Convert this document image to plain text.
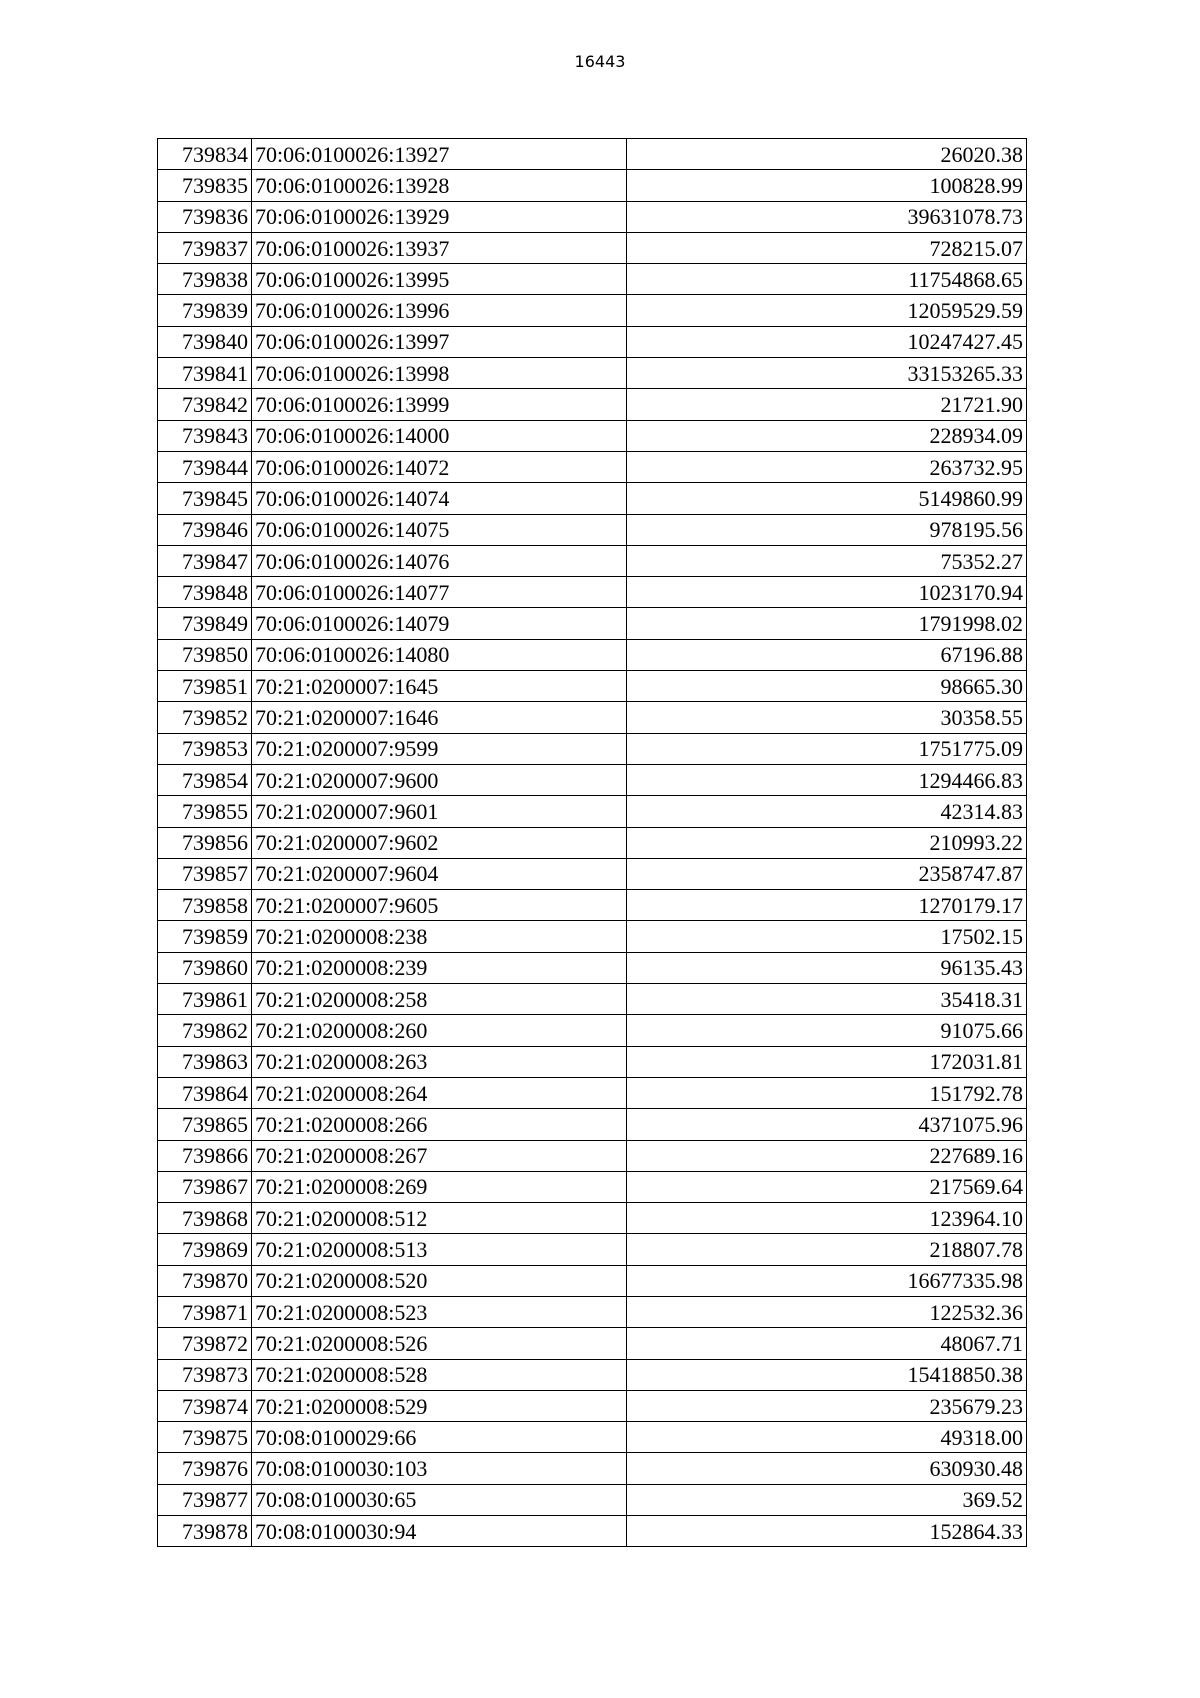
16443
739834	70:06:0100026:13927	26020.38
739835	70:06:0100026:13928	100828.99
739836	70:06:0100026:13929	39631078.73
739837	70:06:0100026:13937	728215.07
739838	70:06:0100026:13995	11754868.65
739839	70:06:0100026:13996	12059529.59
739840	70:06:0100026:13997	10247427.45
739841	70:06:0100026:13998	33153265.33
739842	70:06:0100026:13999	21721.90
739843	70:06:0100026:14000	228934.09
739844	70:06:0100026:14072	263732.95
739845	70:06:0100026:14074	5149860.99
739846	70:06:0100026:14075	978195.56
739847	70:06:0100026:14076	75352.27
739848	70:06:0100026:14077	1023170.94
739849	70:06:0100026:14079	1791998.02
739850	70:06:0100026:14080	67196.88
739851	70:21:0200007:1645	98665.30
739852	70:21:0200007:1646	30358.55
739853	70:21:0200007:9599	1751775.09
739854	70:21:0200007:9600	1294466.83
739855	70:21:0200007:9601	42314.83
739856	70:21:0200007:9602	210993.22
739857	70:21:0200007:9604	2358747.87
739858	70:21:0200007:9605	1270179.17
739859	70:21:0200008:238	17502.15
739860	70:21:0200008:239	96135.43
739861	70:21:0200008:258	35418.31
739862	70:21:0200008:260	91075.66
739863	70:21:0200008:263	172031.81
739864	70:21:0200008:264	151792.78
739865	70:21:0200008:266	4371075.96
739866	70:21:0200008:267	227689.16
739867	70:21:0200008:269	217569.64
739868	70:21:0200008:512	123964.10
739869	70:21:0200008:513	218807.78
739870	70:21:0200008:520	16677335.98
739871	70:21:0200008:523	122532.36
739872	70:21:0200008:526	48067.71
739873	70:21:0200008:528	15418850.38
739874	70:21:0200008:529	235679.23
739875	70:08:0100029:66	49318.00
739876	70:08:0100030:103	630930.48
739877	70:08:0100030:65	369.52
739878	70:08:0100030:94	152864.33
